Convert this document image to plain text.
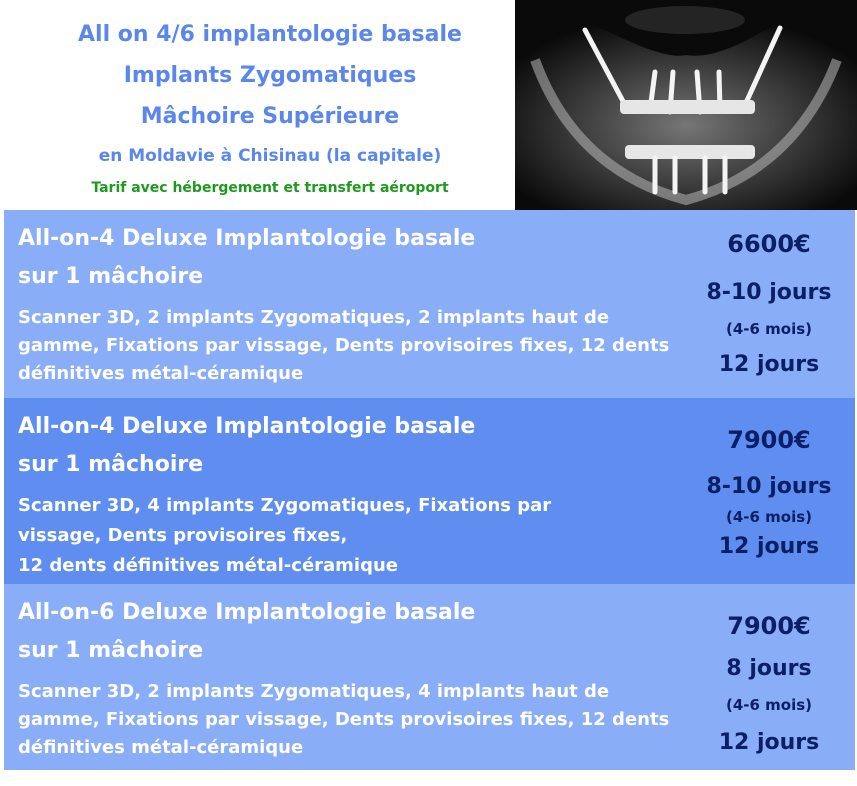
All on 4/6 implantologie basale
Implants Zygomatiques
Mâchoire Supérieure
en Moldavie à Chisinau (la capitale)
Tarif avec hébergement et transfert aéroport
All-on-4 Deluxe Implantologie basale
sur 1 mâchoire
Scanner 3D, 2 implants Zygomatiques, 2 implants haut de gamme, Fixations par vissage, Dents provisoires fixes, 12 dents définitives métal-céramique
6600€
8-10 jours
(4-6 mois)
12 jours
All-on-4 Deluxe Implantologie basale
sur 1 mâchoire
Scanner 3D, 4 implants Zygomatiques, Fixations par
vissage, Dents provisoires fixes,
12 dents définitives métal-céramique
7900€
8-10 jours
(4-6 mois)
12 jours
All-on-6 Deluxe Implantologie basale
sur 1 mâchoire
Scanner 3D, 2 implants Zygomatiques, 4 implants haut de gamme, Fixations par vissage, Dents provisoires fixes, 12 dents définitives métal-céramique
7900€
8 jours
(4-6 mois)
12 jours
